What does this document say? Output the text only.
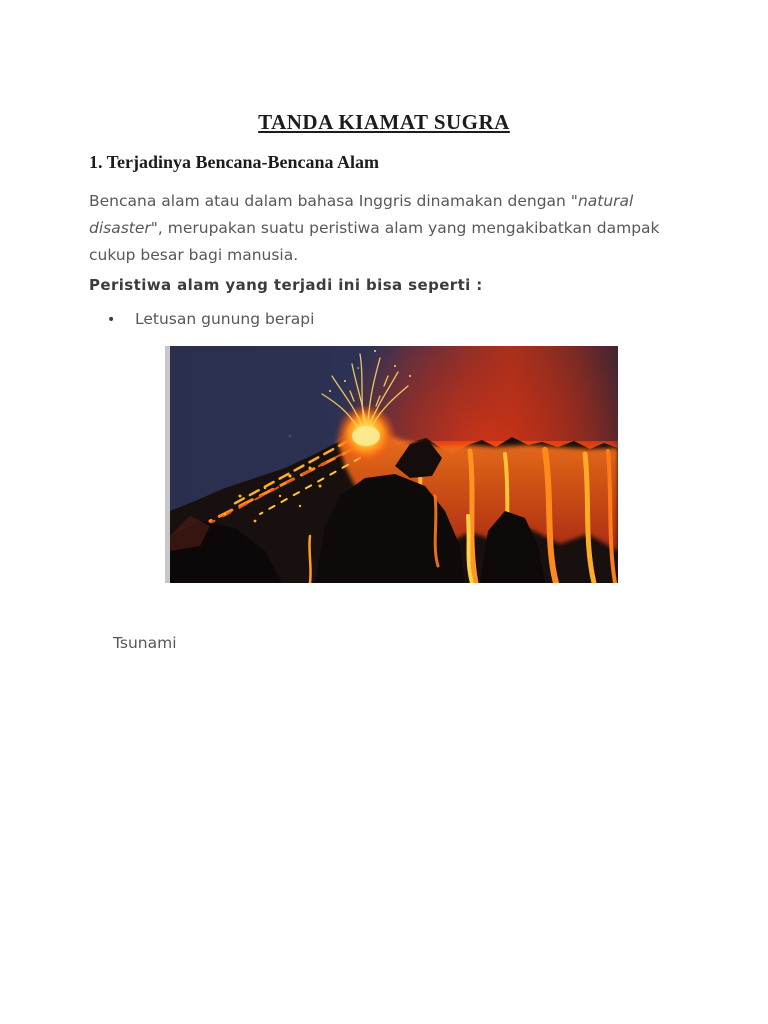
TANDA KIAMAT SUGRA
1. Terjadinya Bencana-Bencana Alam
Bencana alam atau dalam bahasa Inggris dinamakan dengan "natural
disaster", merupakan suatu peristiwa alam yang mengakibatkan dampak
cukup besar bagi manusia.
Peristiwa alam yang terjadi ini bisa seperti :
•	Letusan gunung berapi
Tsunami
